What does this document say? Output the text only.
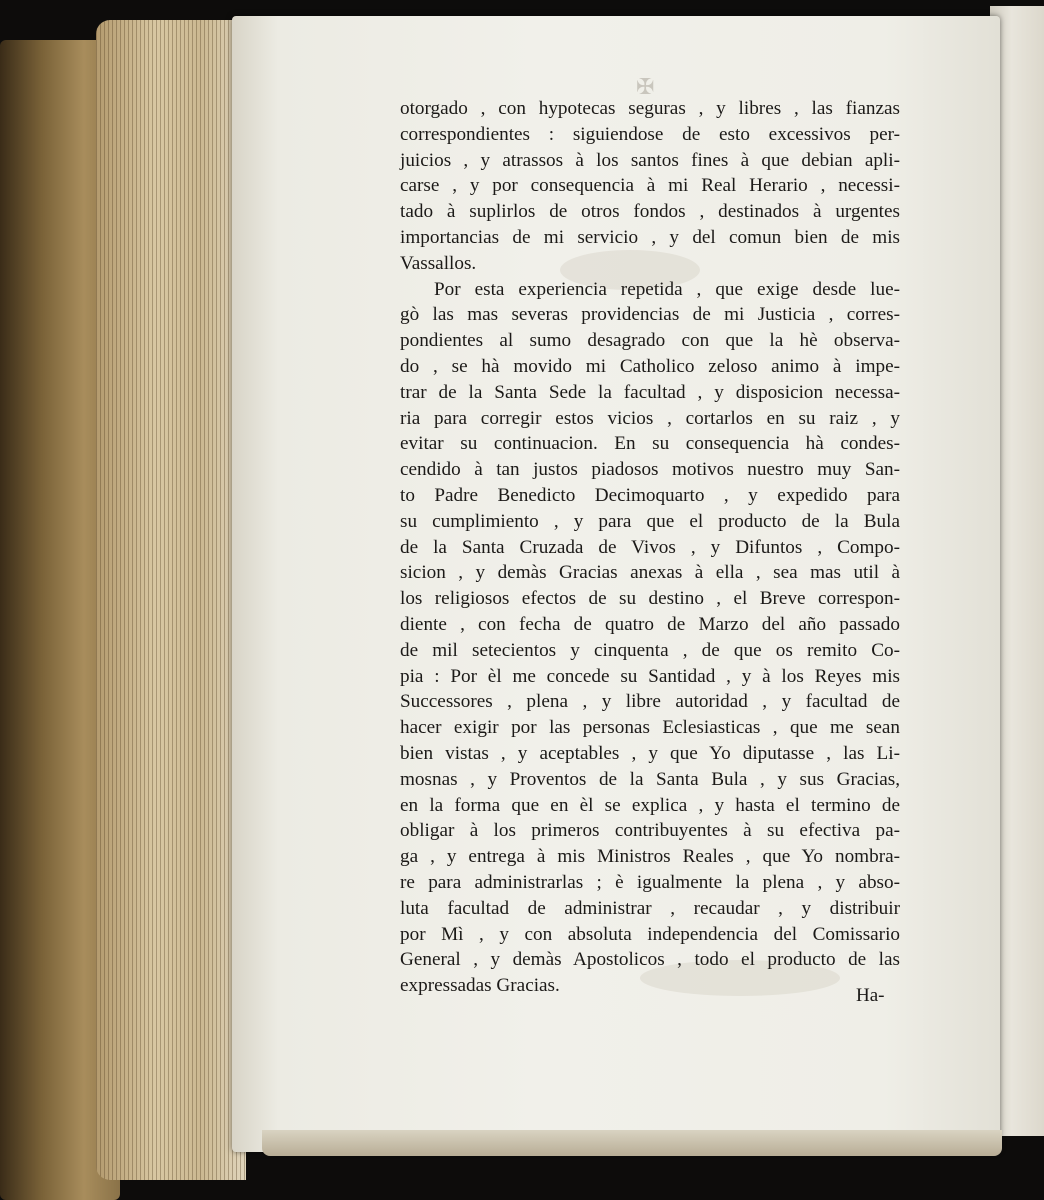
✠
otorgado , con hypotecas seguras , y libres , las fianzas
correspondientes : siguiendose de esto excessivos per-
juicios , y atrassos à los santos fines à que debian apli-
carse , y por consequencia à mi Real Herario , necessi-
tado à suplirlos de otros fondos , destinados à urgentes
importancias de mi servicio , y del comun bien de mis
Vassallos.
Por esta experiencia repetida , que exige desde lue-
gò las mas severas providencias de mi Justicia , corres-
pondientes al sumo desagrado con que la hè observa-
do , se hà movido mi Catholico zeloso animo à impe-
trar de la Santa Sede la facultad , y disposicion necessa-
ria para corregir estos vicios , cortarlos en su raiz , y
evitar su continuacion. En su consequencia hà condes-
cendido à tan justos piadosos motivos nuestro muy San-
to Padre Benedicto Decimoquarto , y expedido para
su cumplimiento , y para que el producto de la Bula
de la Santa Cruzada de Vivos , y Difuntos , Compo-
sicion , y demàs Gracias anexas à ella , sea mas util à
los religiosos efectos de su destino , el Breve correspon-
diente , con fecha de quatro de Marzo del año passado
de mil setecientos y cinquenta , de que os remito Co-
pia : Por èl me concede su Santidad , y à los Reyes mis
Successores , plena , y libre autoridad , y facultad de
hacer exigir por las personas Eclesiasticas , que me sean
bien vistas , y aceptables , y que Yo diputasse , las Li-
mosnas , y Proventos de la Santa Bula , y sus Gracias,
en la forma que en èl se explica , y hasta el termino de
obligar à los primeros contribuyentes à su efectiva pa-
ga , y entrega à mis Ministros Reales , que Yo nombra-
re para administrarlas ; è igualmente la plena , y abso-
luta facultad de administrar , recaudar , y distribuir
por Mì , y con absoluta independencia del Comissario
General , y demàs Apostolicos , todo el producto de las
expressadas Gracias.	Ha-
